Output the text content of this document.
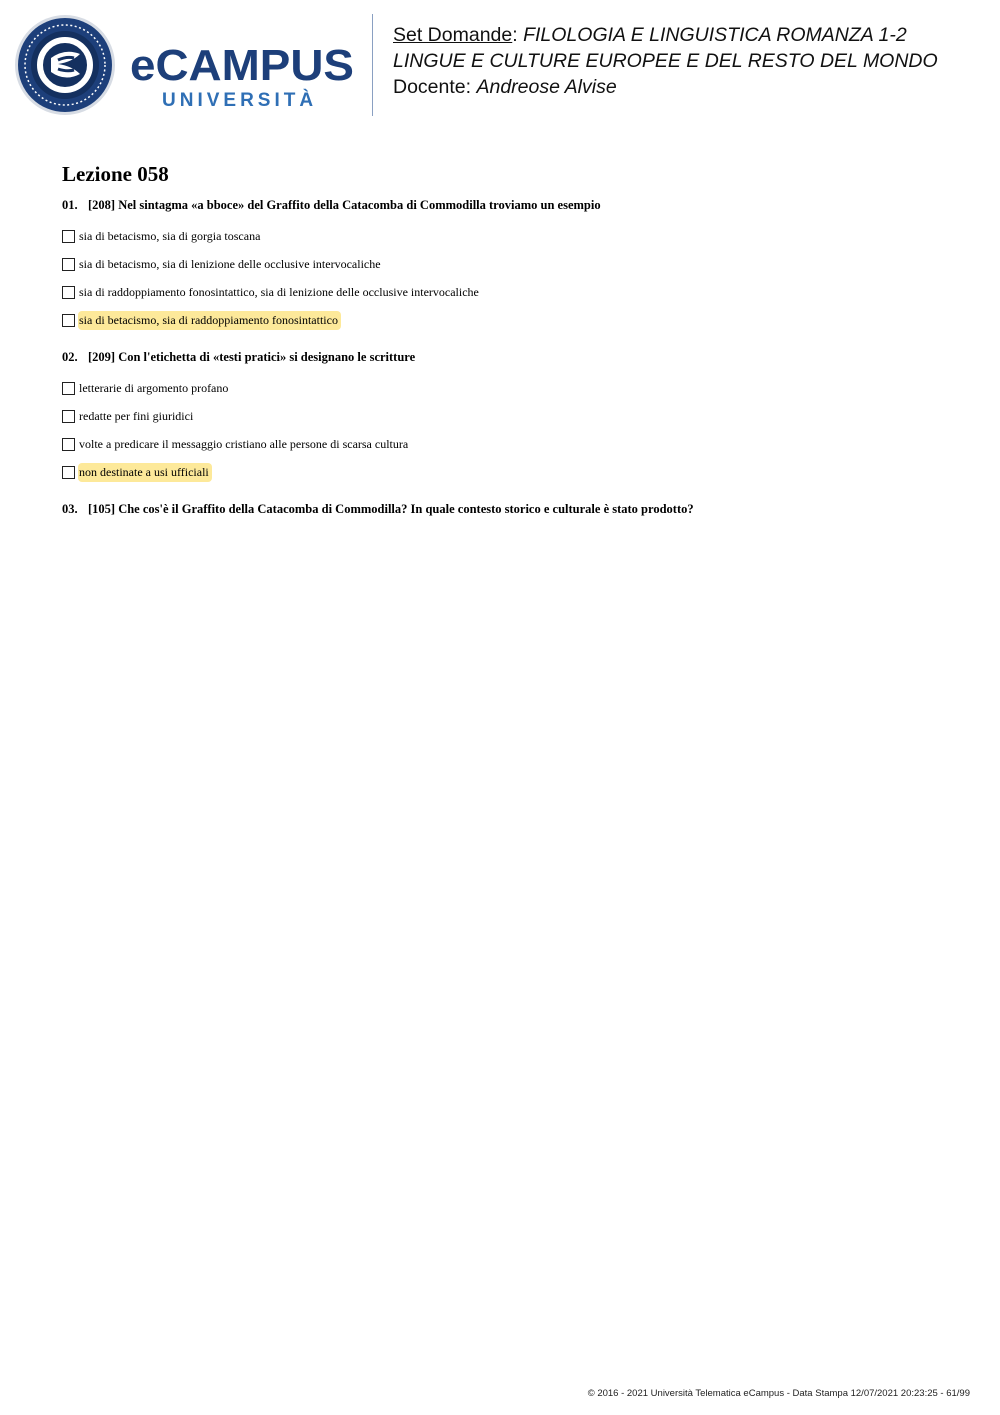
eCAMPUS
UNIVERSITÀ
Set Domande: FILOLOGIA E LINGUISTICA ROMANZA 1-2
LINGUE E CULTURE EUROPEE E DEL RESTO DEL MONDO
Docente: Andreose Alvise
Lezione 058
01. [208] Nel sintagma «a bboce» del Graffito della Catacomba di Commodilla troviamo un esempio
sia di betacismo, sia di gorgia toscana
sia di betacismo, sia di lenizione delle occlusive intervocaliche
sia di raddoppiamento fonosintattico, sia di lenizione delle occlusive intervocaliche
sia di betacismo, sia di raddoppiamento fonosintattico
02. [209] Con l'etichetta di «testi pratici» si designano le scritture
letterarie di argomento profano
redatte per fini giuridici
volte a predicare il messaggio cristiano alle persone di scarsa cultura
non destinate a usi ufficiali
03. [105] Che cos'è il Graffito della Catacomba di Commodilla? In quale contesto storico e culturale è stato prodotto?
© 2016 - 2021 Università Telematica eCampus - Data Stampa 12/07/2021 20:23:25 - 61/99
